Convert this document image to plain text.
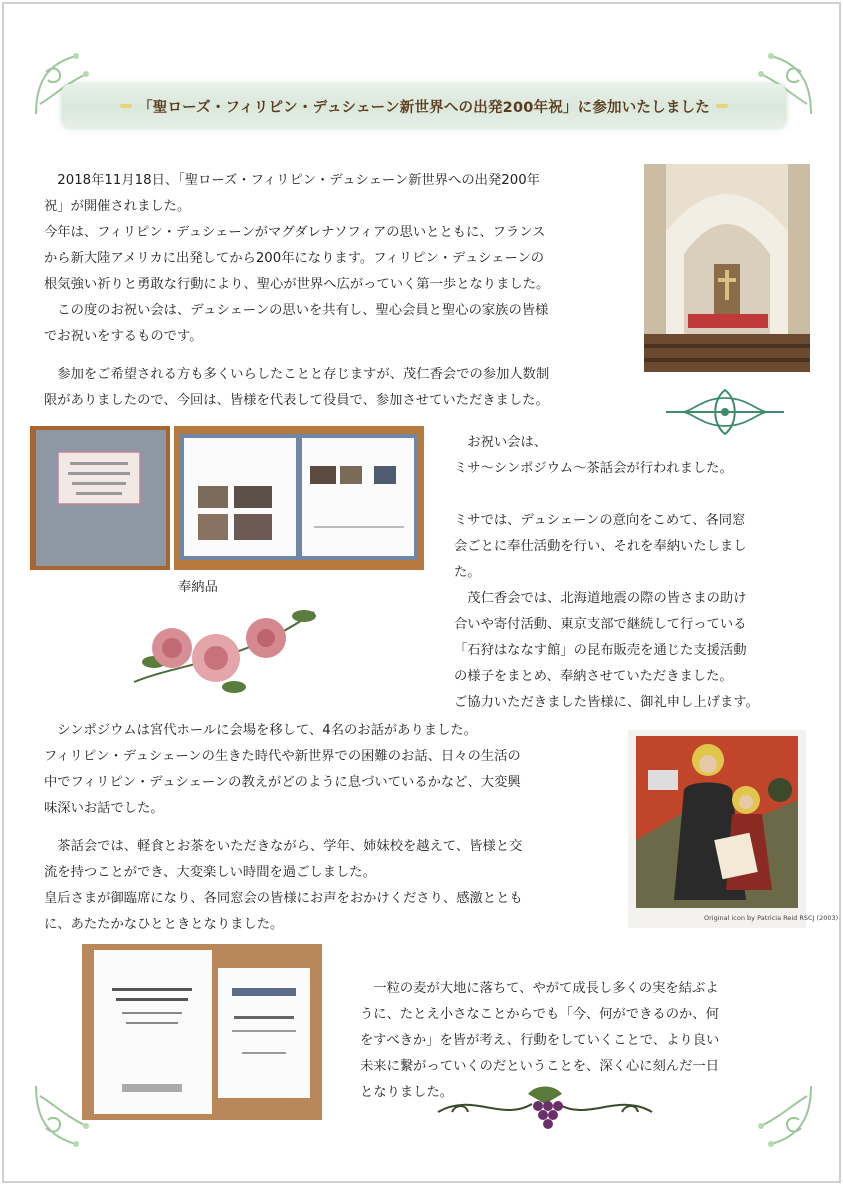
「聖ローズ・フィリピン・デュシェーン新世界への出発200年祝」に参加いたしました

　2018年11月18日、「聖ローズ・フィリピン・デュシェーン新世界への出発200年

祝」が開催されました。

今年は、フィリピン・デュシェーンがマグダレナソフィアの思いとともに、フランス

から新大陸アメリカに出発してから200年になります。フィリピン・デュシェーンの

根気強い祈りと勇敢な行動により、聖心が世界へ広がっていく第一歩となりました。

　この度のお祝い会は、デュシェーンの思いを共有し、聖心会員と聖心の家族の皆様

でお祝いをするものです。

　参加をご希望される方も多くいらしたことと存じますが、茂仁香会での参加人数制

限がありましたので、今回は、皆様を代表して役員で、参加させていただきました。

奉納品

　お祝い会は、

ミサ～シンポジウム～茶話会が行われました。

ミサでは、デュシェーンの意向をこめて、各同窓

会ごとに奉仕活動を行い、それを奉納いたしまし

た。

　茂仁香会では、北海道地震の際の皆さまの助け

合いや寄付活動、東京支部で継続して行っている

「石狩はななす館」の昆布販売を通じた支援活動

の様子をまとめ、奉納させていただきました。

ご協力いただきました皆様に、御礼申し上げます。

　シンポジウムは宮代ホールに会場を移して、4名のお話がありました。

フィリピン・デュシェーンの生きた時代や新世界での困難のお話、日々の生活の

中でフィリピン・デュシェーンの教えがどのように息づいているかなど、大変興

味深いお話でした。

Original icon by Patricia Reid RSCJ (2003)

　茶話会では、軽食とお茶をいただきながら、学年、姉妹校を越えて、皆様と交

流を持つことができ、大変楽しい時間を過ごしました。

皇后さまが御臨席になり、各同窓会の皆様にお声をおかけくださり、感激ととも

に、あたたかなひとときとなりました。

　一粒の麦が大地に落ちて、やがて成長し多くの実を結ぶよ

うに、たとえ小さなことからでも「今、何ができるのか、何

をすべきか」を皆が考え、行動をしていくことで、より良い

未来に繋がっていくのだということを、深く心に刻んだ一日

となりました。
